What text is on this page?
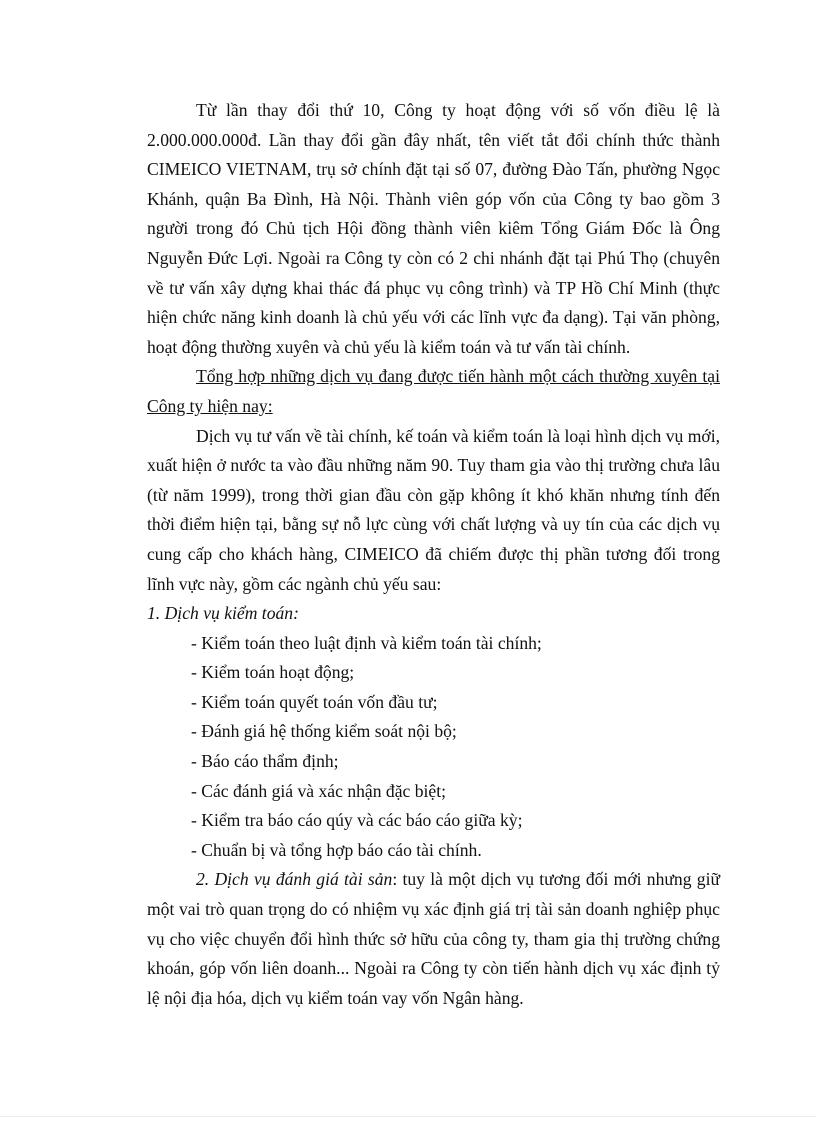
Từ lần thay đổi thứ 10, Công ty hoạt động với số vốn điều lệ là 2.000.000.000đ. Lần thay đổi gần đây nhất, tên viết tắt đổi chính thức thành CIMEICO VIETNAM, trụ sở chính đặt tại số 07, đường Đào Tấn, phường Ngọc Khánh, quận Ba Đình, Hà Nội. Thành viên góp vốn của Công ty bao gồm 3 người trong đó Chủ tịch Hội đồng thành viên kiêm Tổng Giám Đốc là Ông Nguyễn Đức Lợi. Ngoài ra Công ty còn có 2 chi nhánh đặt tại Phú Thọ (chuyên về tư vấn xây dựng khai thác đá phục vụ công trình) và TP Hồ Chí Minh (thực hiện chức năng kinh doanh là chủ yếu với các lĩnh vực đa dạng). Tại văn phòng, hoạt động thường xuyên và chủ yếu là kiểm toán và tư vấn tài chính.

Tổng hợp những dịch vụ đang được tiến hành một cách thường xuyên tại Công ty hiện nay:

Dịch vụ tư vấn về tài chính, kế toán và kiểm toán là loại hình dịch vụ mới, xuất hiện ở nước ta vào đầu những năm 90. Tuy tham gia vào thị trường chưa lâu (từ năm 1999), trong thời gian đầu còn gặp không ít khó khăn nhưng tính đến thời điểm hiện tại, bằng sự nỗ lực cùng với chất lượng và uy tín của các dịch vụ cung cấp cho khách hàng, CIMEICO đã chiếm được thị phần tương đối trong lĩnh vực này, gồm các ngành chủ yếu sau:

1. Dịch vụ kiểm toán:

- Kiểm toán theo luật định và kiểm toán tài chính;
- Kiểm toán hoạt động;
- Kiểm toán quyết toán vốn đầu tư;
- Đánh giá hệ thống kiểm soát nội bộ;
- Báo cáo thẩm định;
- Các đánh giá và xác nhận đặc biệt;
- Kiểm tra báo cáo qúy và các báo cáo giữa kỳ;
- Chuẩn bị và tổng hợp báo cáo tài chính.

2. Dịch vụ đánh giá tài sản: tuy là một dịch vụ tương đối mới nhưng giữ một vai trò quan trọng do có nhiệm vụ xác định giá trị tài sản doanh nghiệp phục vụ cho việc chuyển đổi hình thức sở hữu của công ty, tham gia thị trường chứng khoán, góp vốn liên doanh... Ngoài ra Công ty còn tiến hành dịch vụ xác định tỷ lệ nội địa hóa, dịch vụ kiểm toán vay vốn Ngân hàng.
